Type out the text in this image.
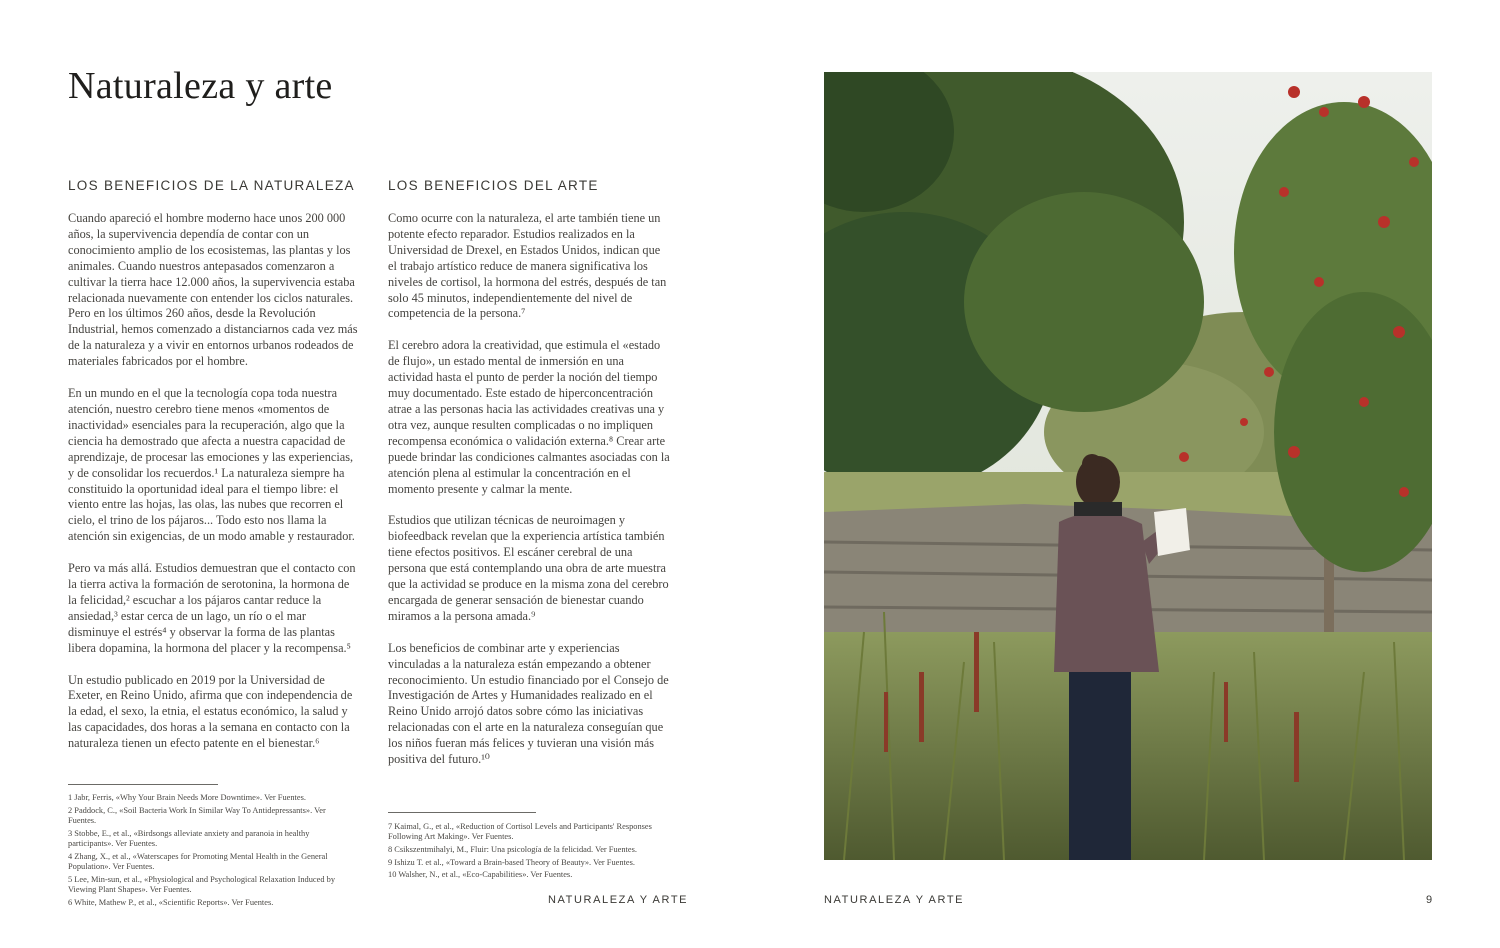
Naturaleza y arte
LOS BENEFICIOS DE LA NATURALEZA

Cuando apareció el hombre moderno hace unos 200 000 años, la supervivencia dependía de contar con un conocimiento amplio de los ecosistemas, las plantas y los animales. Cuando nuestros antepasados comenzaron a cultivar la tierra hace 12.000 años, la supervivencia estaba relacionada nuevamente con entender los ciclos naturales. Pero en los últimos 260 años, desde la Revolución Industrial, hemos comenzado a distanciarnos cada vez más de la naturaleza y a vivir en entornos urbanos rodeados de materiales fabricados por el hombre.

En un mundo en el que la tecnología copa toda nuestra atención, nuestro cerebro tiene menos «momentos de inactividad» esenciales para la recuperación, algo que la ciencia ha demostrado que afecta a nuestra capacidad de aprendizaje, de procesar las emociones y las experiencias, y de consolidar los recuerdos.¹ La naturaleza siempre ha constituido la oportunidad ideal para el tiempo libre: el viento entre las hojas, las olas, las nubes que recorren el cielo, el trino de los pájaros... Todo esto nos llama la atención sin exigencias, de un modo amable y restaurador.

Pero va más allá. Estudios demuestran que el contacto con la tierra activa la formación de serotonina, la hormona de la felicidad,² escuchar a los pájaros cantar reduce la ansiedad,³ estar cerca de un lago, un río o el mar disminuye el estrés⁴ y observar la forma de las plantas libera dopamina, la hormona del placer y la recompensa.⁵

Un estudio publicado en 2019 por la Universidad de Exeter, en Reino Unido, afirma que con independencia de la edad, el sexo, la etnia, el estatus económico, la salud y las capacidades, dos horas a la semana en contacto con la naturaleza tienen un efecto patente en el bienestar.⁶

LOS BENEFICIOS DEL ARTE

Como ocurre con la naturaleza, el arte también tiene un potente efecto reparador. Estudios realizados en la Universidad de Drexel, en Estados Unidos, indican que el trabajo artístico reduce de manera significativa los niveles de cortisol, la hormona del estrés, después de tan solo 45 minutos, independientemente del nivel de competencia de la persona.⁷

El cerebro adora la creatividad, que estimula el «estado de flujo», un estado mental de inmersión en una actividad hasta el punto de perder la noción del tiempo muy documentado. Este estado de hiperconcentración atrae a las personas hacia las actividades creativas una y otra vez, aunque resulten complicadas o no impliquen recompensa económica o validación externa.⁸ Crear arte puede brindar las condiciones calmantes asociadas con la atención plena al estimular la concentración en el momento presente y calmar la mente.

Estudios que utilizan técnicas de neuroimagen y biofeedback revelan que la experiencia artística también tiene efectos positivos. El escáner cerebral de una persona que está contemplando una obra de arte muestra que la actividad se produce en la misma zona del cerebro encargada de generar sensación de bienestar cuando miramos a la persona amada.⁹

Los beneficios de combinar arte y experiencias vinculadas a la naturaleza están empezando a obtener reconocimiento. Un estudio financiado por el Consejo de Investigación de Artes y Humanidades realizado en el Reino Unido arrojó datos sobre cómo las iniciativas relacionadas con el arte en la naturaleza conseguían que los niños fueran más felices y tuvieran una visión más positiva del futuro.¹⁰

1 Jabr, Ferris, «Why Your Brain Needs More Downtime». Ver Fuentes.
2 Paddock, C., «Soil Bacteria Work In Similar Way To Antidepressants». Ver Fuentes.
3 Stobbe, E., et al., «Birdsongs alleviate anxiety and paranoia in healthy participants». Ver Fuentes.
4 Zhang, X., et al., «Waterscapes for Promoting Mental Health in the General Population». Ver Fuentes.
5 Lee, Min-sun, et al., «Physiological and Psychological Relaxation Induced by Viewing Plant Shapes». Ver Fuentes.
6 White, Mathew P., et al., «Scientific Reports». Ver Fuentes.
7 Kaimal, G., et al., «Reduction of Cortisol Levels and Participants' Responses Following Art Making». Ver Fuentes.
8 Csikszentmihalyi, M., Fluir: Una psicología de la felicidad. Ver Fuentes.
9 Ishizu T. et al., «Toward a Brain-based Theory of Beauty». Ver Fuentes.
10 Walsher, N., et al., «Eco-Capabilities». Ver Fuentes.
NATURALEZA Y ARTE	NATURALEZA Y ARTE	9
